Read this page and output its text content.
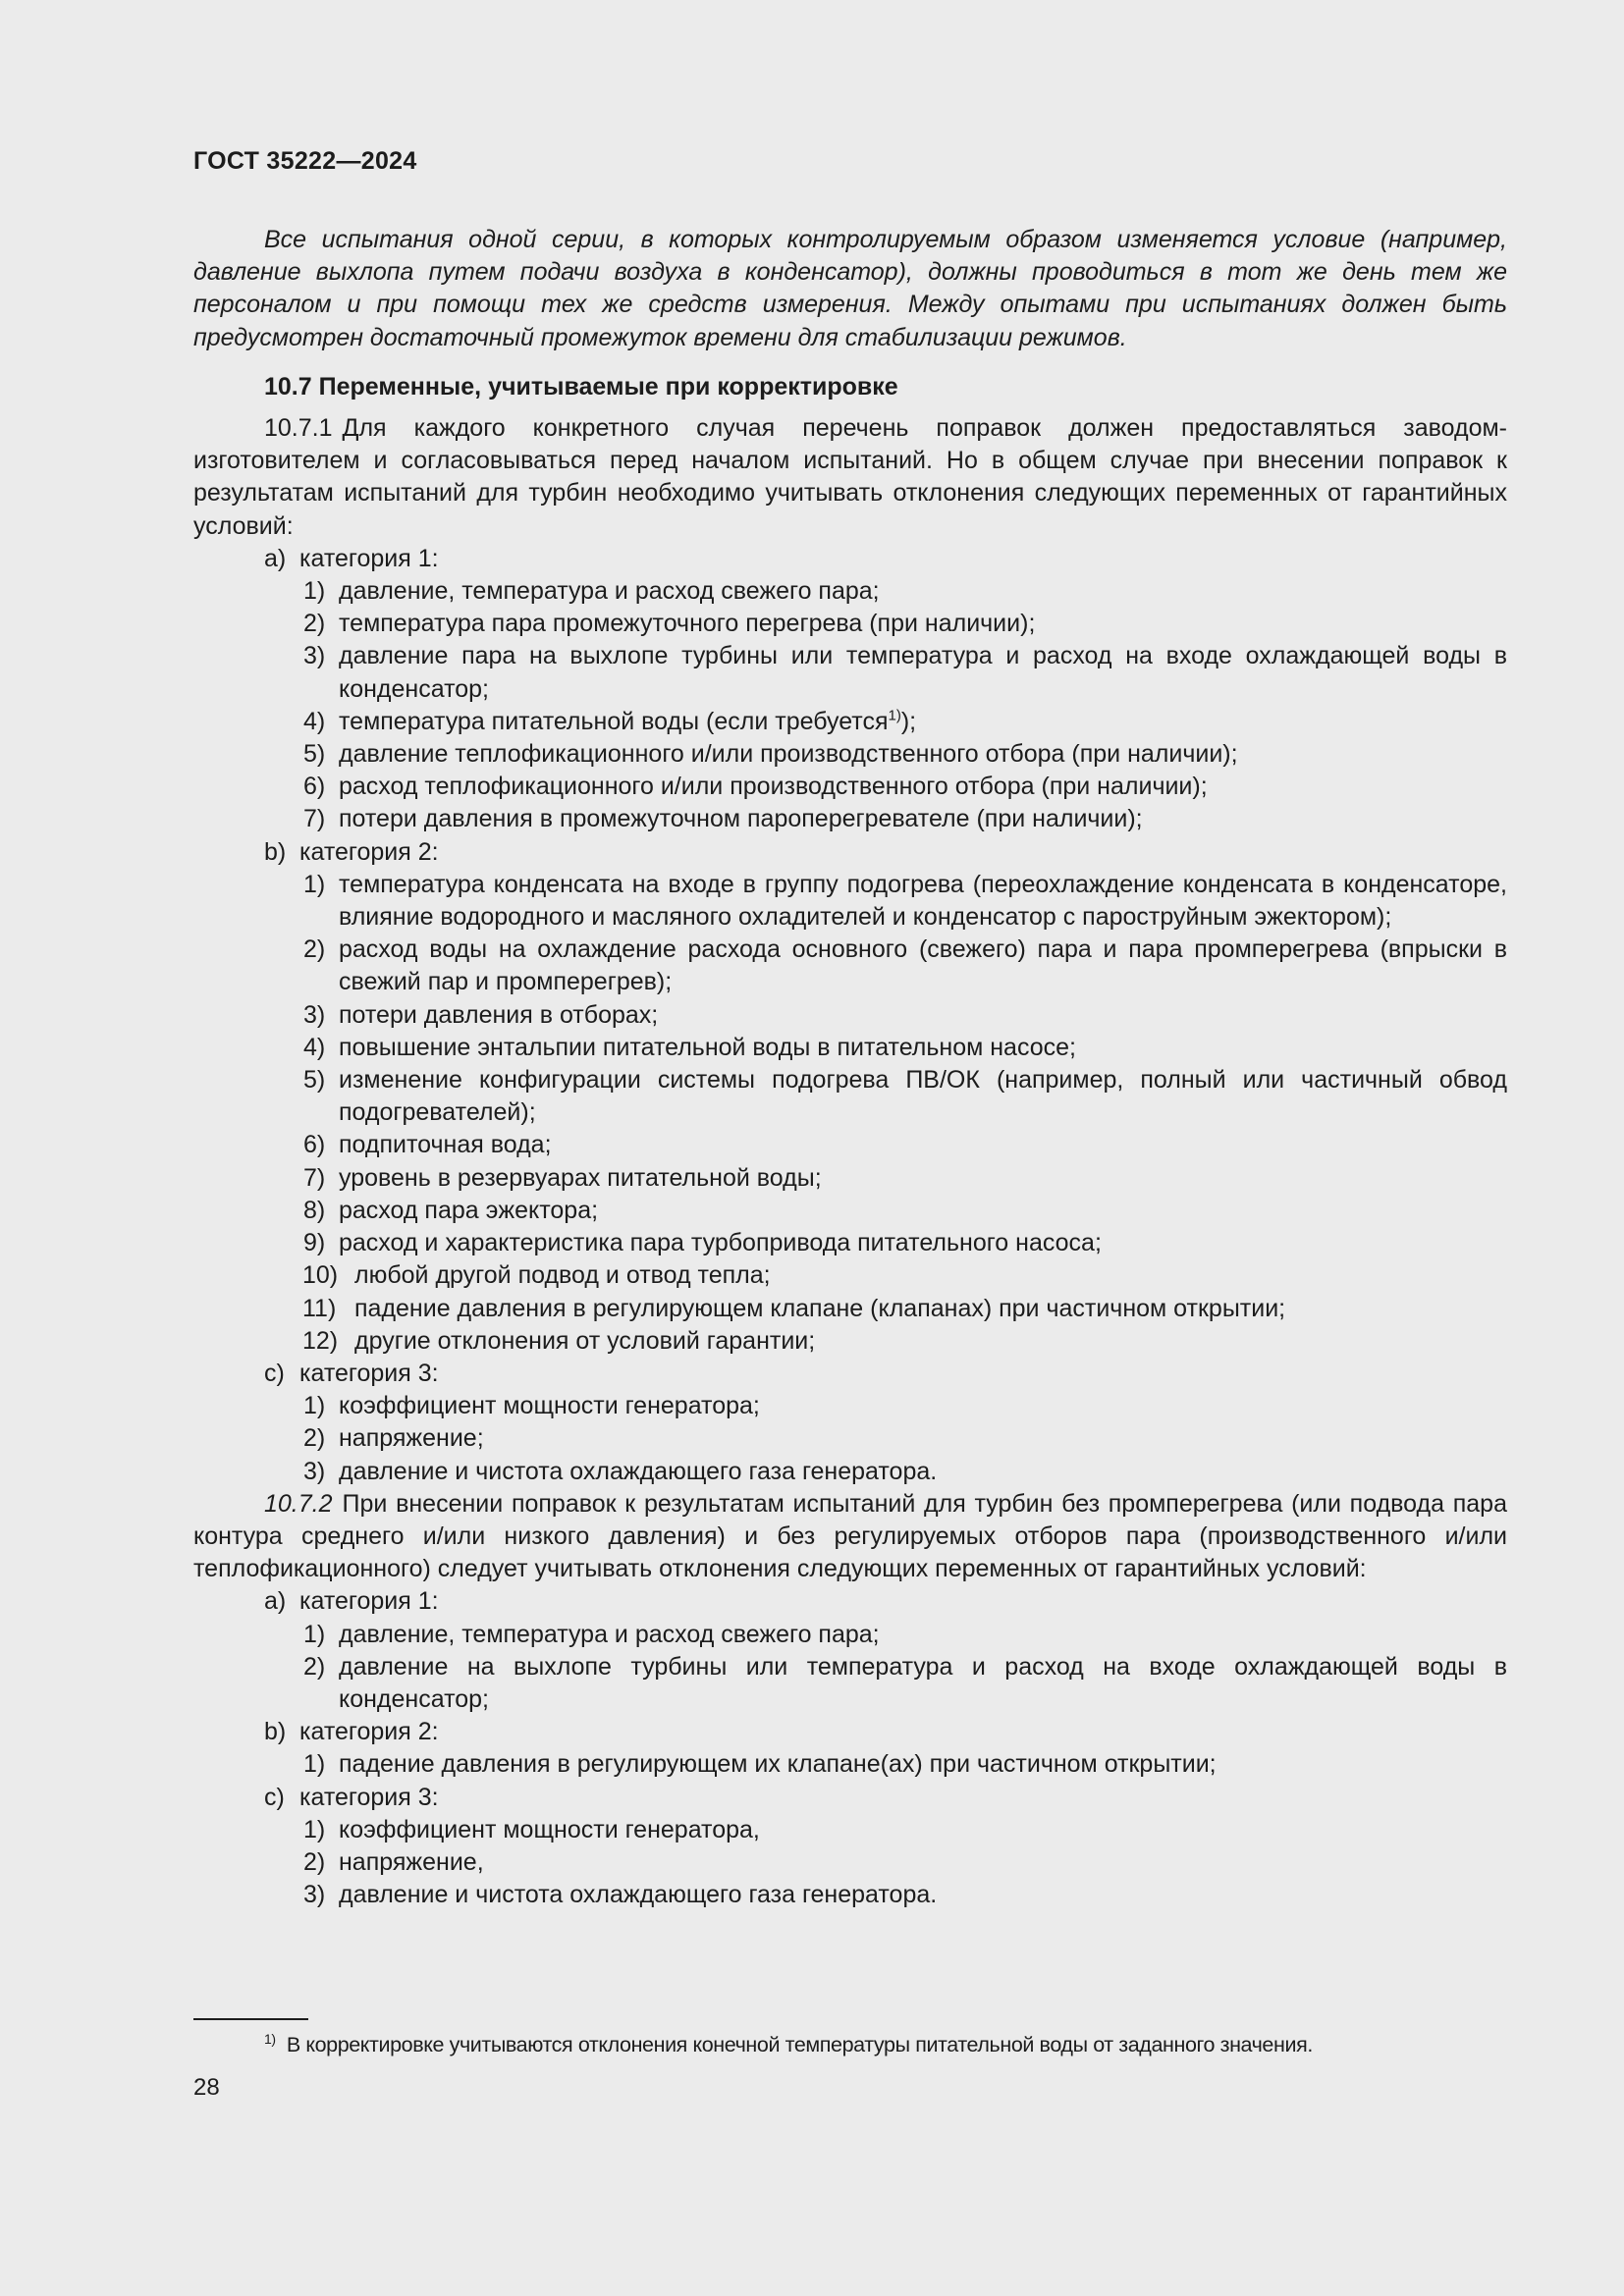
ГОСТ 35222—2024

Все испытания одной серии, в которых контролируемым образом изменяется условие (например, давление выхлопа путем подачи воздуха в конденсатор), должны проводиться в тот же день тем же персоналом и при помощи тех же средств измерения. Между опытами при испытаниях должен быть предусмотрен достаточный промежуток времени для стабилизации режимов.

10.7 Переменные, учитываемые при корректировке

10.7.1 Для каждого конкретного случая перечень поправок должен предоставляться заводом-изготовителем и согласовываться перед началом испытаний. Но в общем случае при внесении поправок к результатам испытаний для турбин необходимо учитывать отклонения следующих переменных от гарантийных условий:

a) категория 1:
1) давление, температура и расход свежего пара;
2) температура пара промежуточного перегрева (при наличии);
3) давление пара на выхлопе турбины или температура и расход на входе охлаждающей воды в конденсатор;
4) температура питательной воды (если требуется$^{1)}$);
5) давление теплофикационного и/или производственного отбора (при наличии);
6) расход теплофикационного и/или производственного отбора (при наличии);
7) потери давления в промежуточном пароперегревателе (при наличии);
b) категория 2:
1) температура конденсата на входе в группу подогрева (переохлаждение конденсата в конденсаторе, влияние водородного и масляного охладителей и конденсатор с пароструйным эжектором);
2) расход воды на охлаждение расхода основного (свежего) пара и пара промперегрева (впрыски в свежий пар и промперегрев);
3) потери давления в отборах;
4) повышение энтальпии питательной воды в питательном насосе;
5) изменение конфигурации системы подогрева ПВ/ОК (например, полный или частичный обвод подогревателей);
6) подпиточная вода;
7) уровень в резервуарах питательной воды;
8) расход пара эжектора;
9) расход и характеристика пара турбопривода питательного насоса;
10) любой другой подвод и отвод тепла;
11) падение давления в регулирующем клапане (клапанах) при частичном открытии;
12) другие отклонения от условий гарантии;
c) категория 3:
1) коэффициент мощности генератора;
2) напряжение;
3) давление и чистота охлаждающего газа генератора.

10.7.2 При внесении поправок к результатам испытаний для турбин без промперегрева (или подвода пара контура среднего и/или низкого давления) и без регулируемых отборов пара (производственного и/или теплофикационного) следует учитывать отклонения следующих переменных от гарантийных условий:

a) категория 1:
1) давление, температура и расход свежего пара;
2) давление на выхлопе турбины или температура и расход на входе охлаждающей воды в конденсатор;
b) категория 2:
1) падение давления в регулирующем их клапане(ах) при частичном открытии;
c) категория 3:
1) коэффициент мощности генератора,
2) напряжение,
3) давление и чистота охлаждающего газа генератора.
$^{1)}$ В корректировке учитываются отклонения конечной температуры питательной воды от заданного значения.
28
